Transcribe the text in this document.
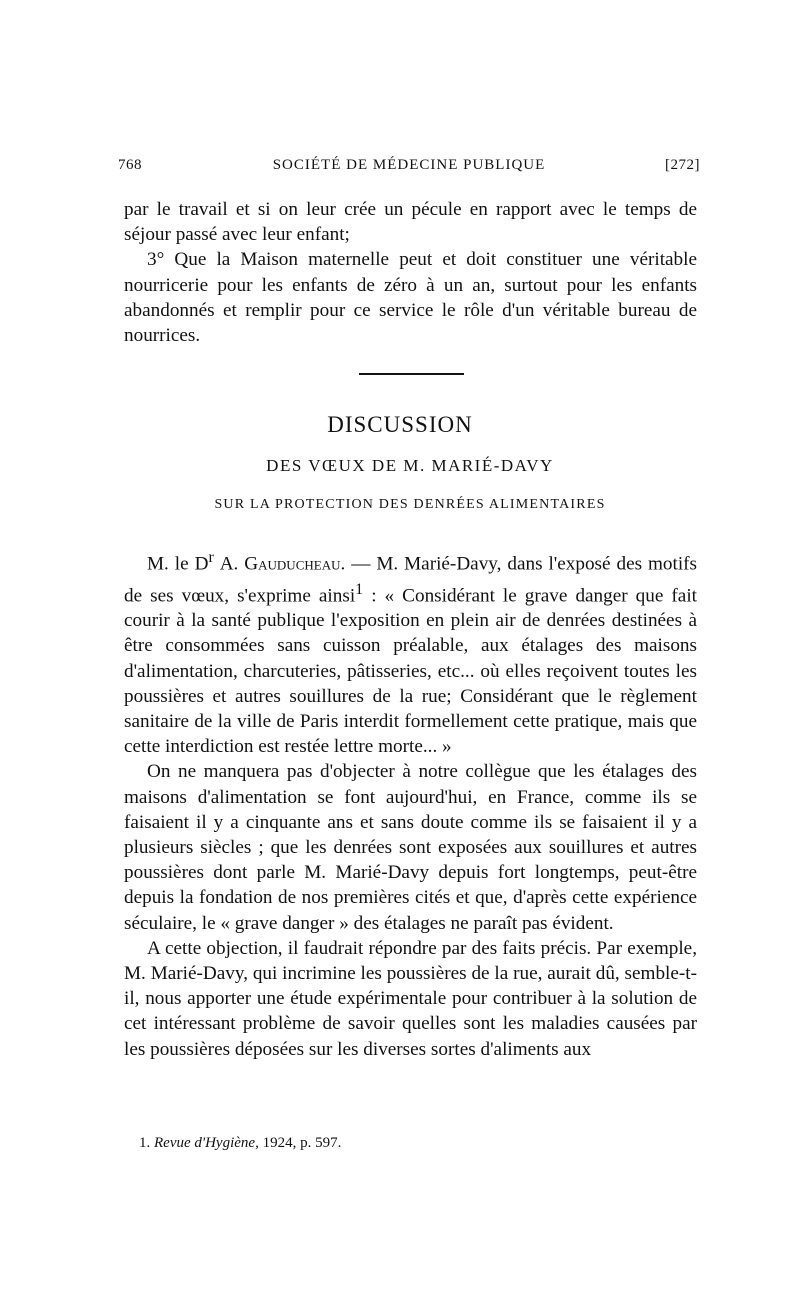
768	SOCIÉTÉ DE MÉDECINE PUBLIQUE	[272]

par le travail et si on leur crée un pécule en rapport avec le temps de séjour passé avec leur enfant;

3° Que la Maison maternelle peut et doit constituer une véritable nourricerie pour les enfants de zéro à un an, surtout pour les enfants abandonnés et remplir pour ce service le rôle d'un véritable bureau de nourrices.

DISCUSSION
DES VŒUX DE M. MARIÉ-DAVY
SUR LA PROTECTION DES DENRÉES ALIMENTAIRES

M. le $D^r$ A. Gauducheau. — M. Marié-Davy, dans l'exposé des motifs de ses vœux, s'exprime ainsi$^1$ : « Considérant le grave danger que fait courir à la santé publique l'exposition en plein air de denrées destinées à être consommées sans cuisson préalable, aux étalages des maisons d'alimentation, charcuteries, pâtisseries, etc... où elles reçoivent toutes les poussières et autres souillures de la rue; Considérant que le règlement sanitaire de la ville de Paris interdit formellement cette pratique, mais que cette interdiction est restée lettre morte... »

On ne manquera pas d'objecter à notre collègue que les étalages des maisons d'alimentation se font aujourd'hui, en France, comme ils se faisaient il y a cinquante ans et sans doute comme ils se faisaient il y a plusieurs siècles ; que les denrées sont exposées aux souillures et autres poussières dont parle M. Marié-Davy depuis fort longtemps, peut-être depuis la fondation de nos premières cités et que, d'après cette expérience séculaire, le « grave danger » des étalages ne paraît pas évident.

A cette objection, il faudrait répondre par des faits précis. Par exemple, M. Marié-Davy, qui incrimine les poussières de la rue, aurait dû, semble-t-il, nous apporter une étude expérimentale pour contribuer à la solution de cet intéressant problème de savoir quelles sont les maladies causées par les poussières déposées sur les diverses sortes d'aliments aux

1. Revue d'Hygiène, 1924, p. 597.
